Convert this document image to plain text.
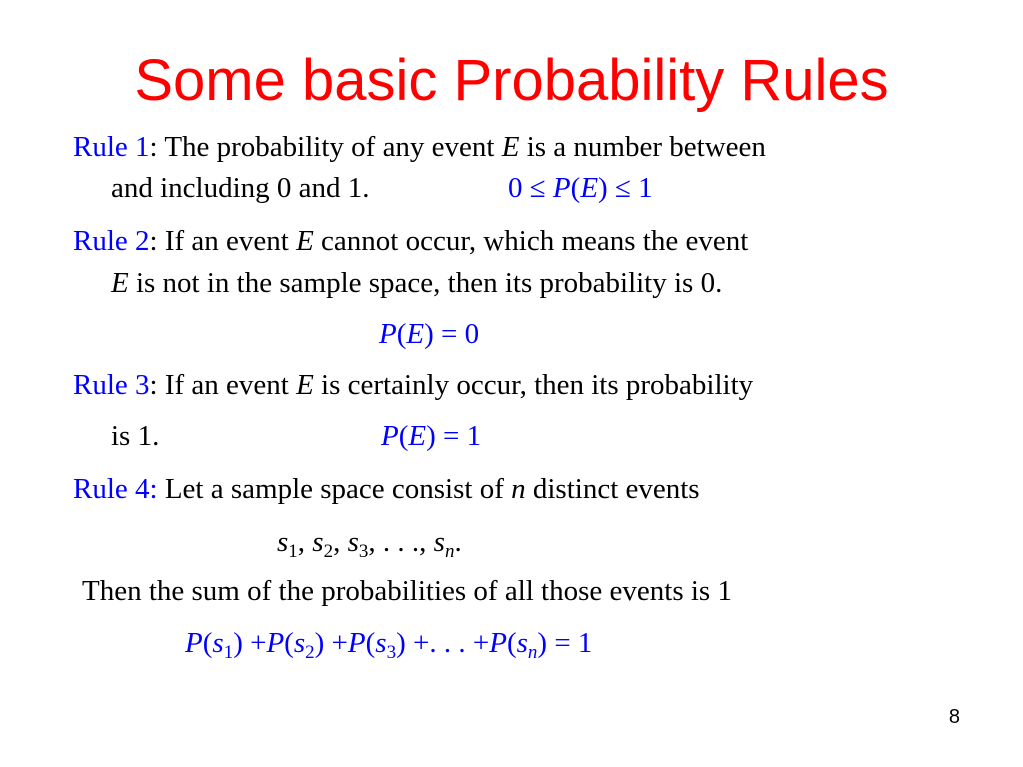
Some basic Probability Rules
Rule 1: The probability of any event E is a number between
and including 0 and 1.	0 ≤ P(E) ≤ 1
Rule 2: If an event E cannot occur, which means the event
E is not in the sample space, then its probability is 0.
P(E) = 0
Rule 3: If an event E is certainly occur, then its probability
is 1.	P(E) = 1
Rule 4: Let a sample space consist of n distinct events
$s_1$, $s_2$, $s_3$, . . ., $s_n$.
Then the sum of the probabilities of all those events is 1
$P(s_1) +P(s_2) +P(s_3)$ +. . . $+P(s_n) = 1$
8
